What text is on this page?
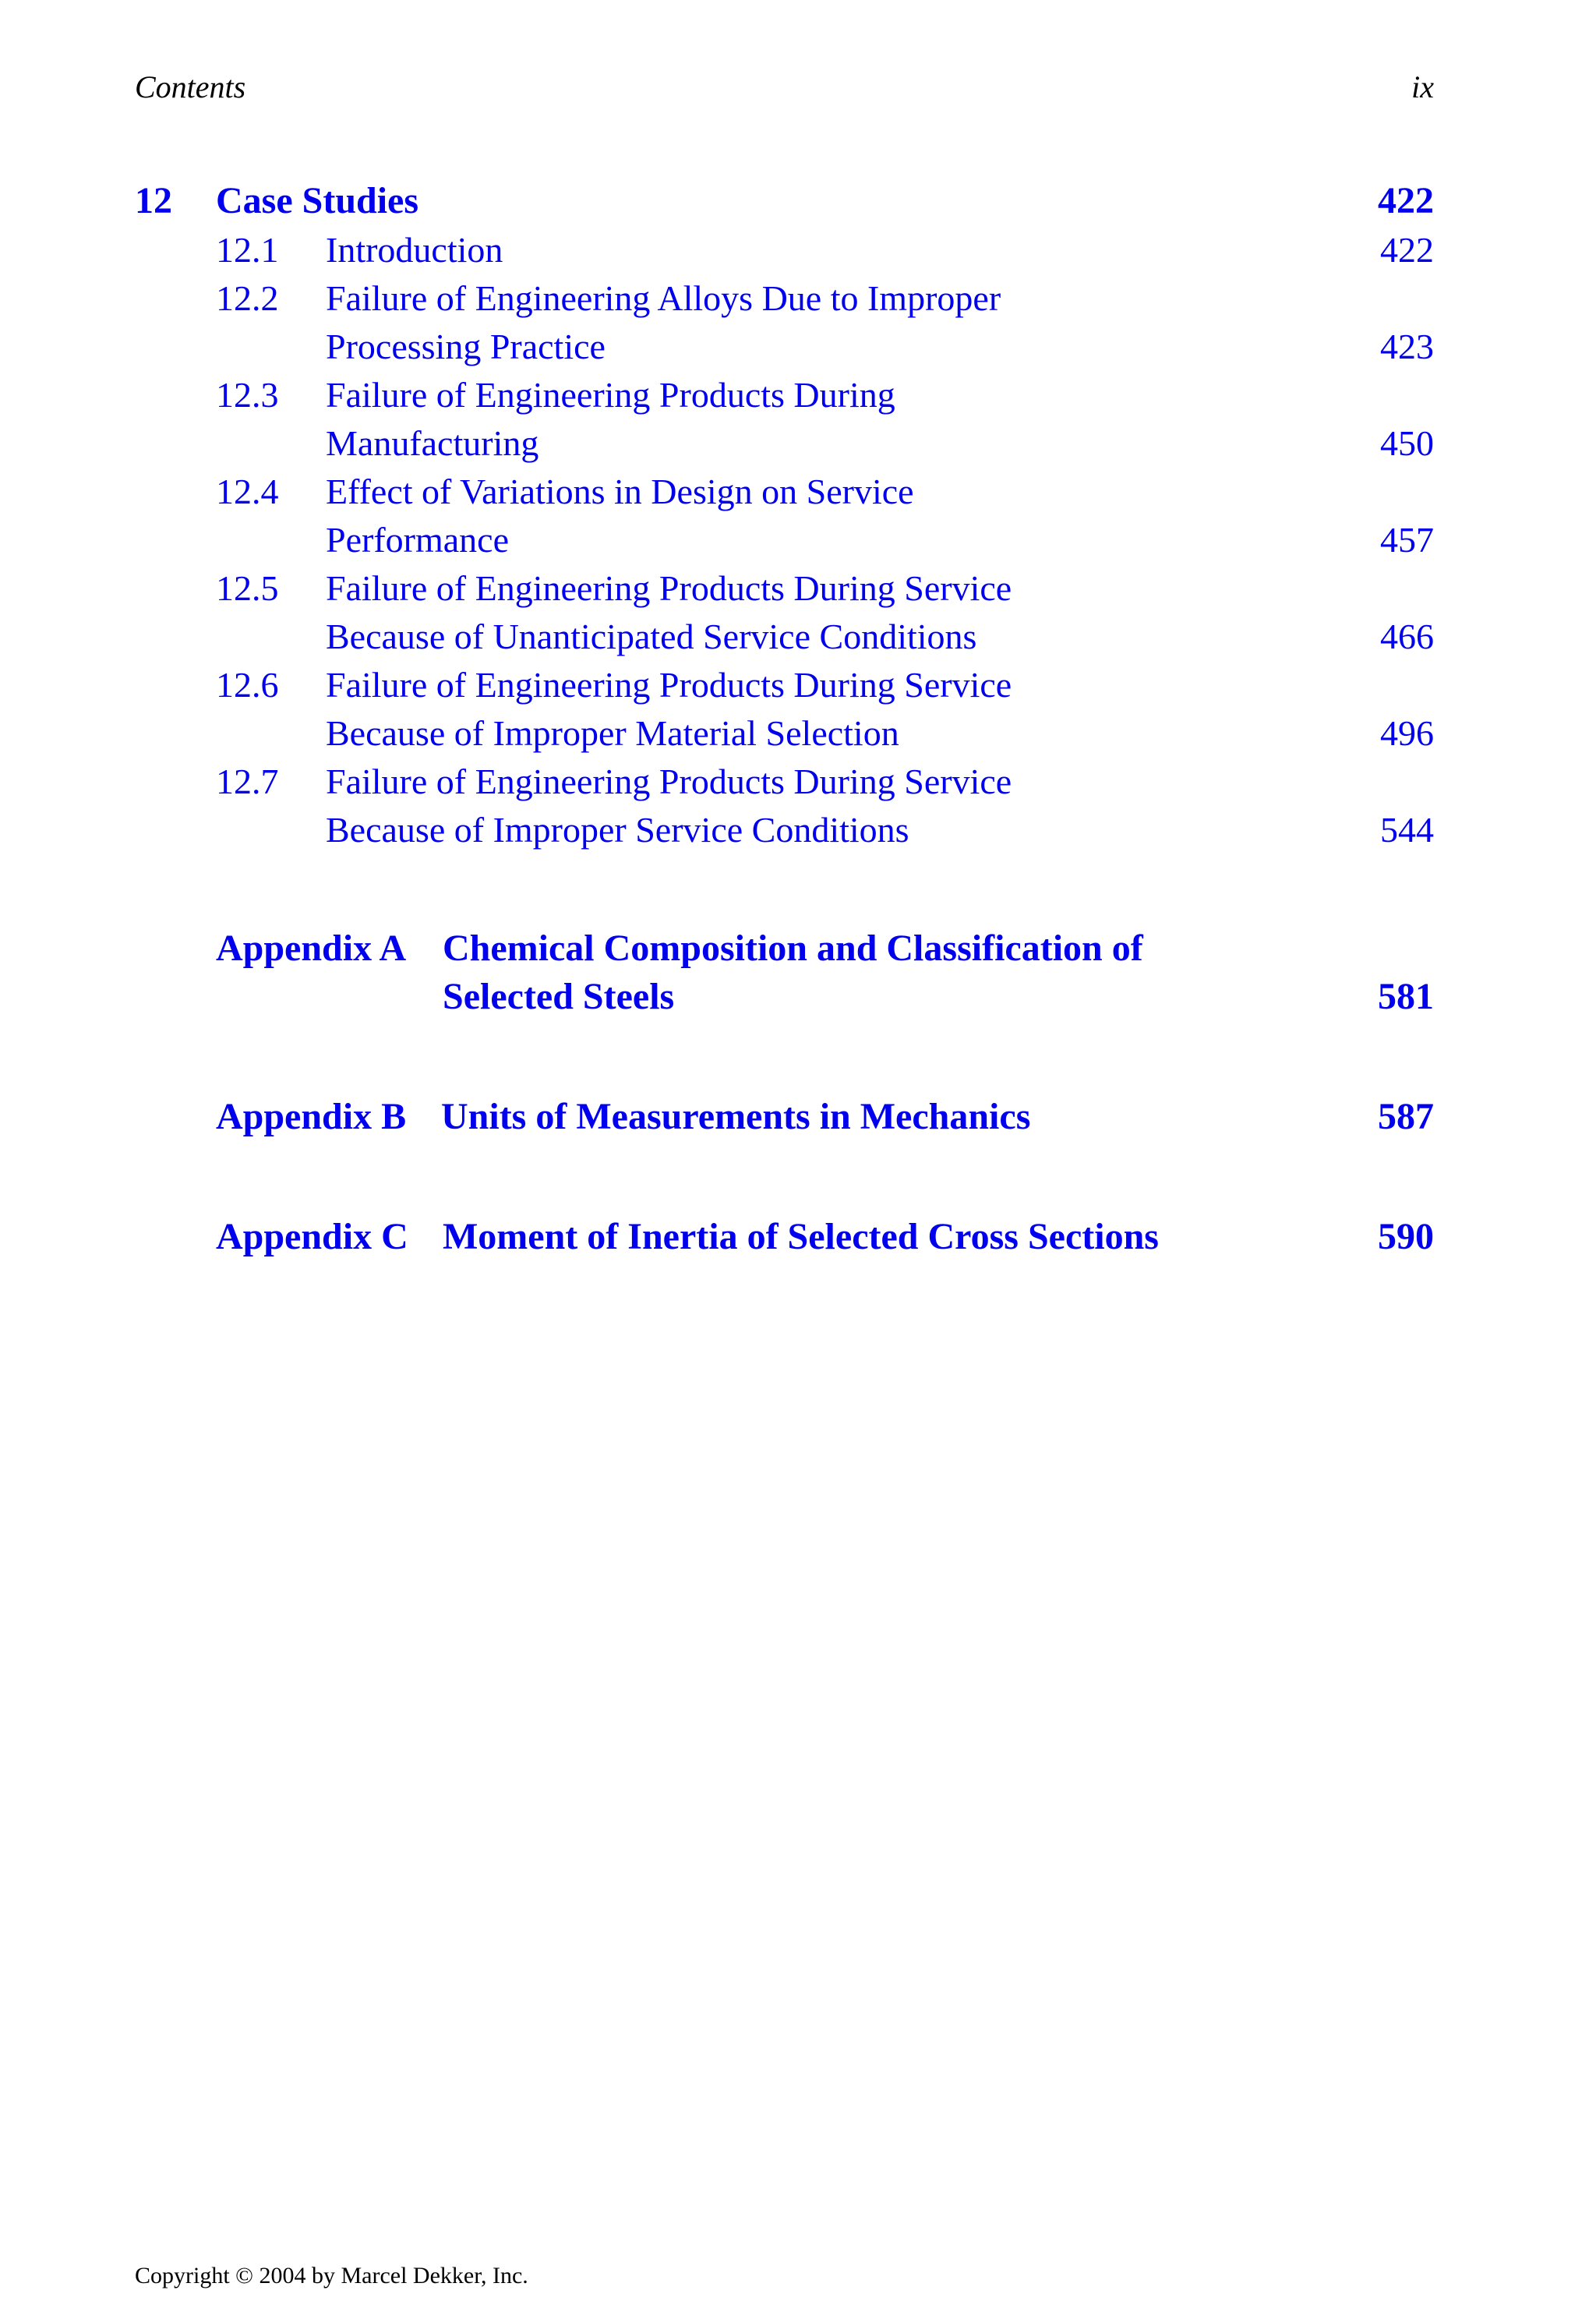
Contents	ix
12 Case Studies	422
12.1 Introduction	422
12.2 Failure of Engineering Alloys Due to Improper
Processing Practice	423
12.3 Failure of Engineering Products During
Manufacturing	450
12.4 Effect of Variations in Design on Service
Performance	457
12.5 Failure of Engineering Products During Service
Because of Unanticipated Service Conditions	466
12.6 Failure of Engineering Products During Service
Because of Improper Material Selection	496
12.7 Failure of Engineering Products During Service
Because of Improper Service Conditions	544
Appendix A Chemical Composition and Classification of
Selected Steels	581
Appendix B Units of Measurements in Mechanics	587
Appendix C Moment of Inertia of Selected Cross Sections	590
Copyright © 2004 by Marcel Dekker, Inc.
